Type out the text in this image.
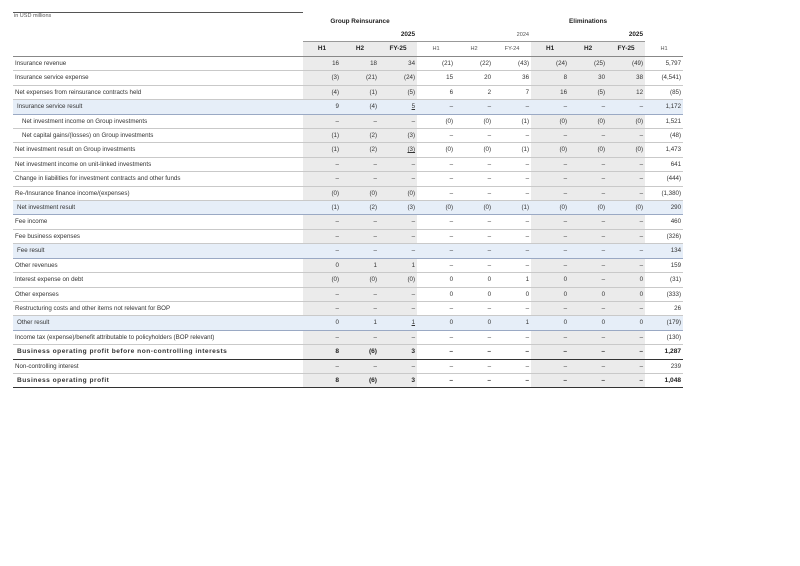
in USD millions
	Group Reinsurance						Eliminations			
	2025			2024			2025			
	H1	H2	FY-25	H1	H2	FY-24	H1	H2	FY-25	H1
Insurance revenue	16	18	34	(21)	(22)	(43)	(24)	(25)	(49)	5,797
Insurance service expense	(3)	(21)	(24)	15	20	36	8	30	38	(4,541)
Net expenses from reinsurance contracts held	(4)	(1)	(5)	6	2	7	16	(5)	12	(85)
Insurance service result	9	(4)	5	–	–	–	–	–	–	1,172
Net investment income on Group investments	–	–	–	(0)	(0)	(1)	(0)	(0)	(0)	1,521
Net capital gains/(losses) on Group investments	(1)	(2)	(3)	–	–	–	–	–	–	(48)
Net investment result on Group investments	(1)	(2)	(3)	(0)	(0)	(1)	(0)	(0)	(0)	1,473
Net investment income on unit-linked investments	–	–	–	–	–	–	–	–	–	641
Change in liabilities for investment contracts and other funds	–	–	–	–	–	–	–	–	–	(444)
Re-/Insurance finance income/(expenses)	(0)	(0)	(0)	–	–	–	–	–	–	(1,380)
Net investment result	(1)	(2)	(3)	(0)	(0)	(1)	(0)	(0)	(0)	290
Fee income	–	–	–	–	–	–	–	–	–	460
Fee business expenses	–	–	–	–	–	–	–	–	–	(326)
Fee result	–	–	–	–	–	–	–	–	–	134
Other revenues	0	1	1	–	–	–	–	–	–	159
Interest expense on debt	(0)	(0)	(0)	0	0	1	0	–	0	(31)
Other expenses	–	–	–	0	0	0	0	0	0	(333)
Restructuring costs and other items not relevant for BOP	–	–	–	–	–	–	–	–	–	26
Other result	0	1	1	0	0	1	0	0	0	(179)
Income tax (expense)/benefit attributable to policyholders (BOP relevant)	–	–	–	–	–	–	–	–	–	(130)
Business operating profit before non-controlling interests	8	(6)	3	–	–	–	–	–	–	1,287
Non-controlling interest	–	–	–	–	–	–	–	–	–	239
Business operating profit	8	(6)	3	–	–	–	–	–	–	1,048
